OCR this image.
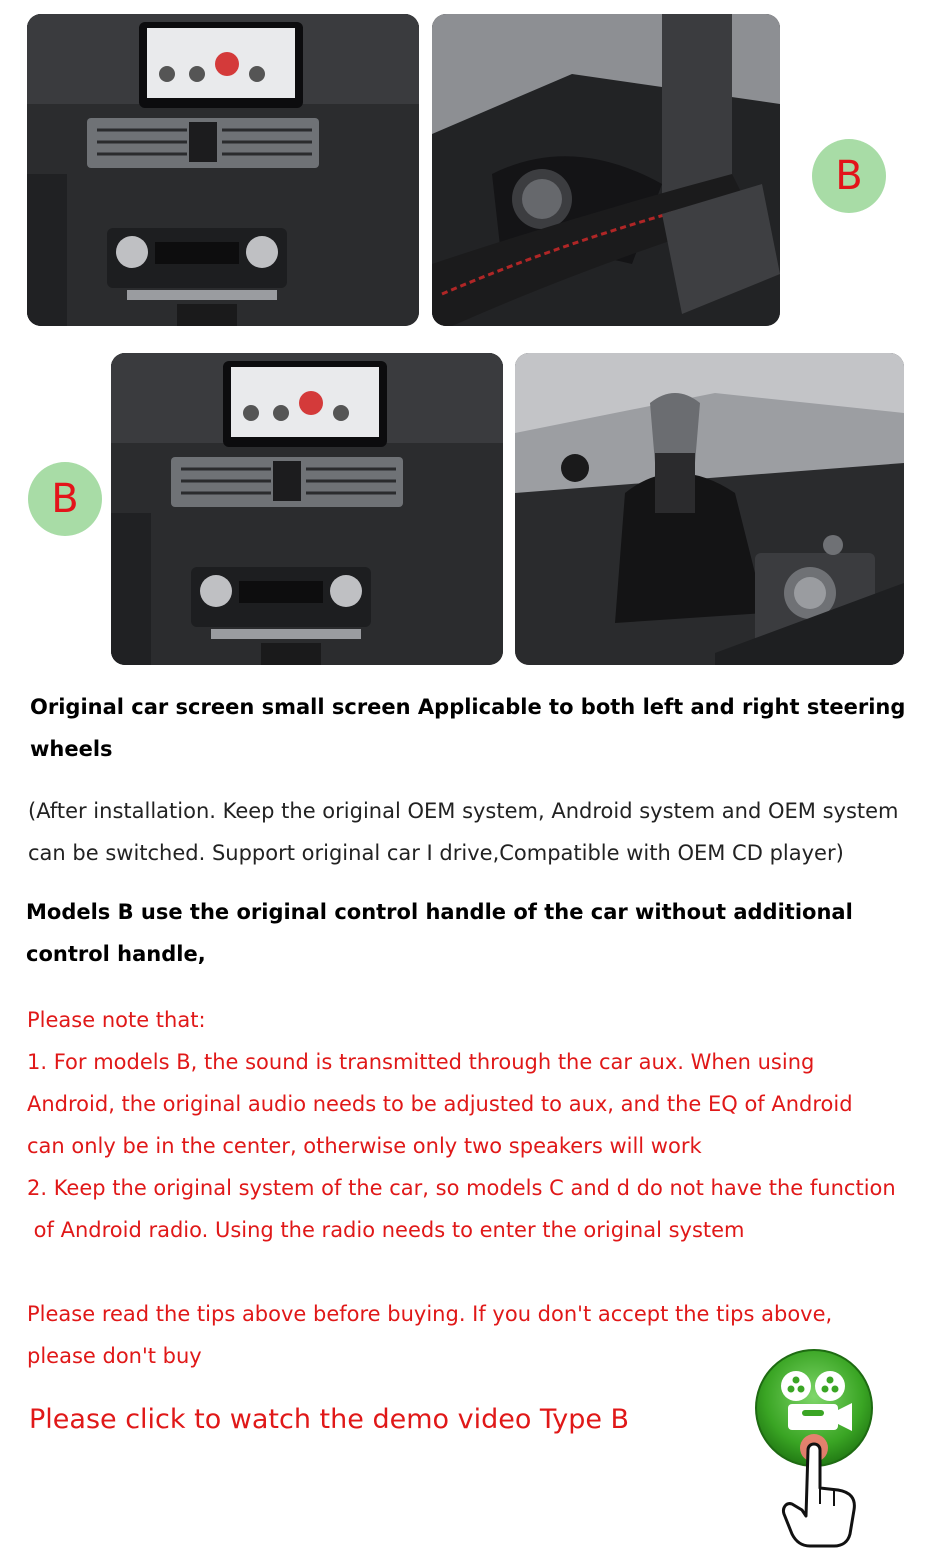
B
B
Original car screen small screen Applicable to both left and right steering
wheels
(After installation. Keep the original OEM system, Android system and OEM system
can be switched. Support original car I drive,Compatible with OEM CD player)
Models B use the original control handle of the car without additional
control handle,
Please note that:
1. For models B, the sound is transmitted through the car aux. When using
Android, the original audio needs to be adjusted to aux, and the EQ of Android
can only be in the center, otherwise only two speakers will work
2. Keep the original system of the car, so models C and d do not have the function
of Android radio. Using the radio needs to enter the original system
Please read the tips above before buying. If you don't accept the tips above,
please don't buy
Please click to watch the demo video Type B
